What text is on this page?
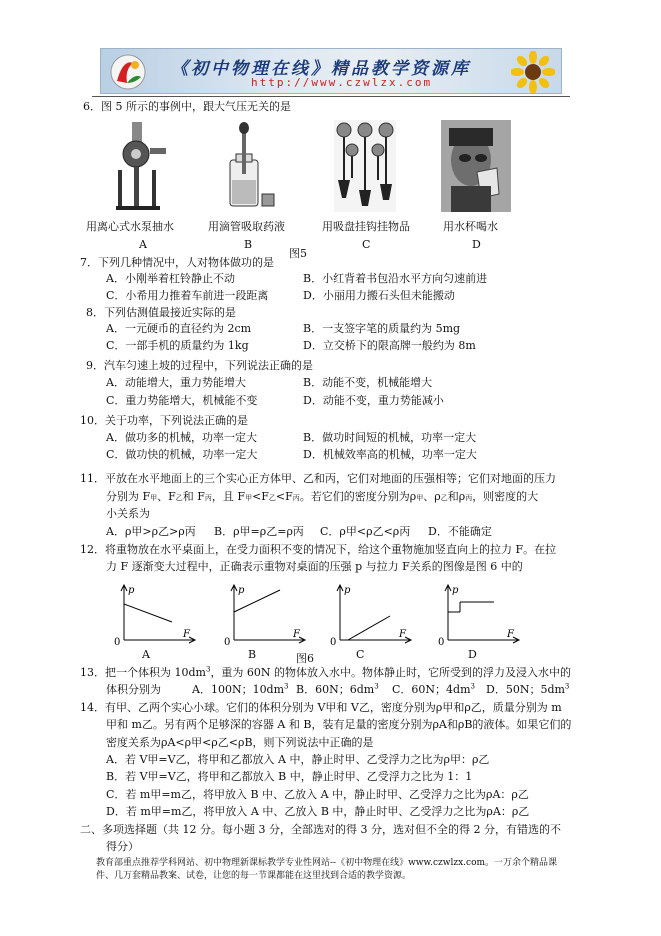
《初中物理在线》精品教学资源库
http://www.czwlzx.com
6．图 5 所示的事例中，跟大气压无关的是
用离心式水泵抽水	用滴管吸取药液	用吸盘挂钩挂物品	用水杯喝水
A	B
图5
C	D
7．下列几种情况中，人对物体做功的是
A．小刚举着杠铃静止不动	B．小红背着书包沿水平方向匀速前进
C．小希用力推着车前进一段距离	D．小丽用力搬石头但未能搬动
8．下列估测值最接近实际的是
A．一元硬币的直径约为 2cm	B．一支签字笔的质量约为 5mg
C．一部手机的质量约为 1kg	D．立交桥下的限高牌一般约为 8m
9．汽车匀速上坡的过程中，下列说法正确的是
A．动能增大，重力势能增大	B．动能不变，机械能增大
C．重力势能增大，机械能不变	D．动能不变，重力势能减小
10．关于功率，下列说法正确的是
A．做功多的机械，功率一定大	B．做功时间短的机械，功率一定大
C．做功快的机械，功率一定大	D．机械效率高的机械，功率一定大
11．平放在水平地面上的三个实心正方体甲、乙和丙，它们对地面的压强相等；它们对地面的压力
分别为 F甲、F乙和 F丙，且 F甲<F乙<F丙。若它们的密度分别为ρ甲、ρ乙和ρ丙，则密度的大
小关系为
A．ρ甲>ρ乙>ρ丙 B．ρ甲=ρ乙=ρ丙 C．ρ甲<ρ乙<ρ丙 D．不能确定
12．将重物放在水平桌面上，在受力面积不变的情况下，给这个重物施加竖直向上的拉力 F。在拉
力 F 逐渐变大过程中，正确表示重物对桌面的压强 p 与拉力 F关系的图像是图 6 中的
p
F
0
p
F
0
p
F
0
p
F
0
A	B	图6	C	D
13．把一个体积为 $10dm^3$，重为 60N 的物体放入水中。物体静止时，它所受到的浮力及浸入水中的
体积分别为	A．100N；$10dm^3$ B．60N；$6dm^3$ C．60N；$4dm^3$ D．50N；$5dm^3$
14．有甲、乙两个实心小球。它们的体积分别为 V甲和 V乙，密度分别为ρ甲和ρ乙，质量分别为 m
甲和 m乙。另有两个足够深的容器 A 和 B，装有足量的密度分别为ρA和ρB的液体。如果它们的
密度关系为ρA<ρ甲<ρ乙<ρB，则下列说法中正确的是
A．若 V甲=V乙，将甲和乙都放入 A 中，静止时甲、乙受浮力之比为ρ甲：ρ乙
B．若 V甲=V乙，将甲和乙都放入 B 中，静止时甲、乙受浮力之比为 1：1
C．若 m甲=m乙，将甲放入 B 中、乙放入 A 中，静止时甲、乙受浮力之比为ρA：ρ乙
D．若 m甲=m乙，将甲放入 A 中、乙放入 B 中，静止时甲、乙受浮力之比为ρA：ρ乙
二、多项选择题（共 12 分。每小题 3 分，全部选对的得 3 分，选对但不全的得 2 分，有错选的不
得分）
教育部重点推荐学科网站、初中物理新课标教学专业性网站--《初中物理在线》www.czwlzx.com。一万余个精品课
件、几万套精品教案、试卷，让您的每一节课都能在这里找到合适的教学资源。
